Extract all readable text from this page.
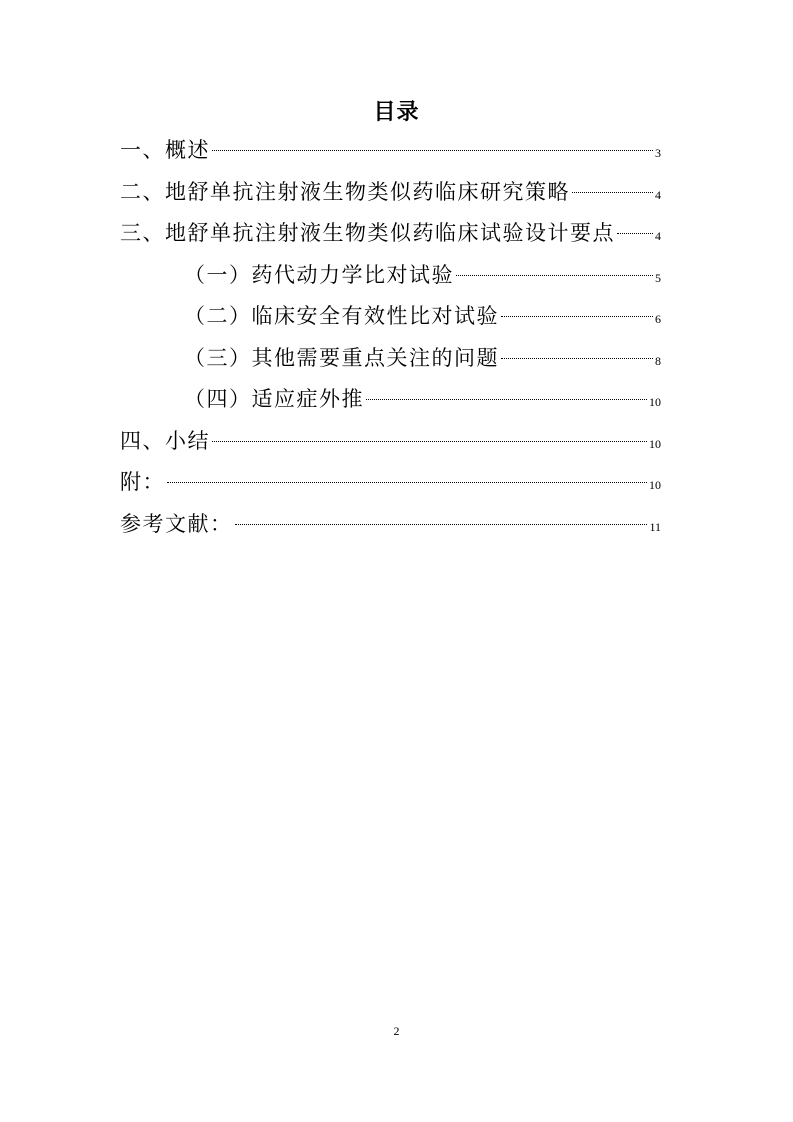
目录
一、概述	3
二、地舒单抗注射液生物类似药临床研究策略	4
三、地舒单抗注射液生物类似药临床试验设计要点	4
（一）药代动力学比对试验	5
（二）临床安全有效性比对试验	6
（三）其他需要重点关注的问题	8
（四）适应症外推	10
四、小结	10
附：	10
参考文献：	11
2
